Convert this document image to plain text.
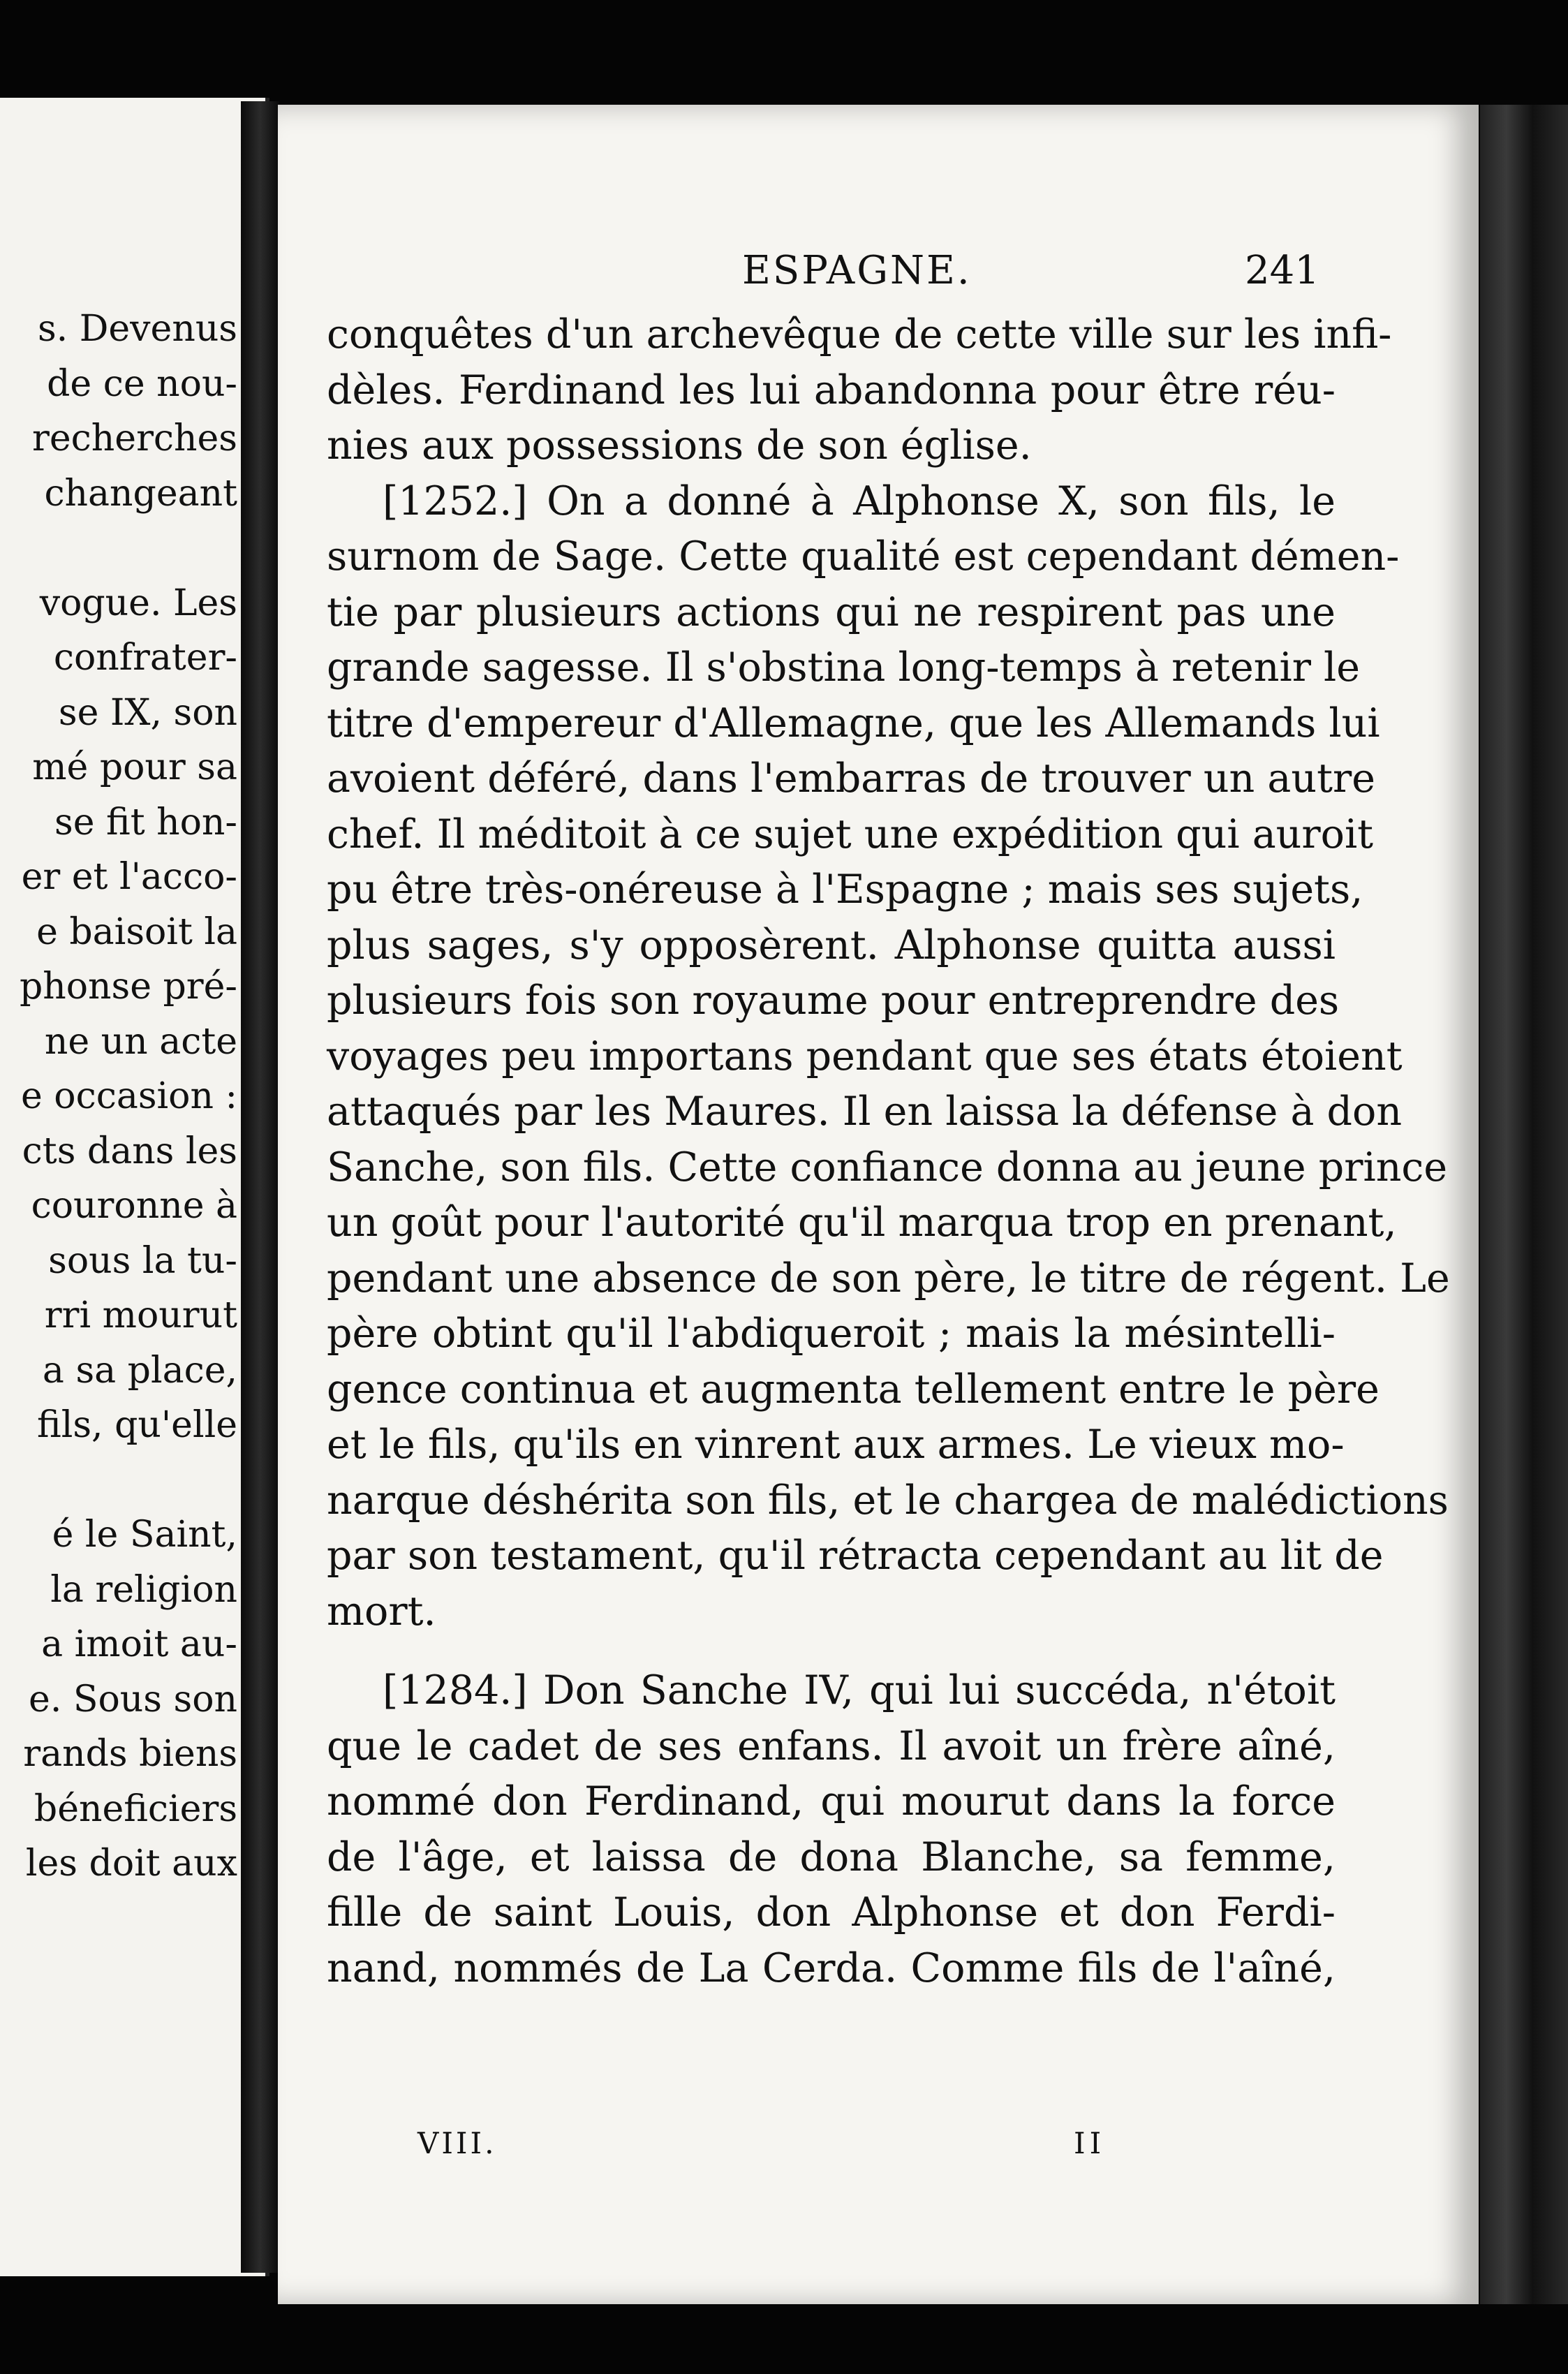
s. Devenus
de ce nou-
recherches
changeant
vogue. Les
confrater-
se IX, son
mé pour sa
se fit hon-
er et l'acco-
e baisoit la
phonse pré-
ne un acte
e occasion :
cts dans les
couronne à
sous la tu-
rri mourut
a sa place,
fils, qu'elle
é le Saint,
la religion
a imoit au-
e. Sous son
rands biens
béneficiers
les doit aux
ESPAGNE.	241
conquêtes d'un archevêque de cette ville sur les infi-
dèles. Ferdinand les lui abandonna pour être réu-
nies aux possessions de son église.
[1252.] On a donné à Alphonse X, son fils, le
surnom de Sage. Cette qualité est cependant démen-
tie par plusieurs actions qui ne respirent pas une
grande sagesse. Il s'obstina long-temps à retenir le
titre d'empereur d'Allemagne, que les Allemands lui
avoient déféré, dans l'embarras de trouver un autre
chef. Il méditoit à ce sujet une expédition qui auroit
pu être très-onéreuse à l'Espagne ; mais ses sujets,
plus sages, s'y opposèrent. Alphonse quitta aussi
plusieurs fois son royaume pour entreprendre des
voyages peu importans pendant que ses états étoient
attaqués par les Maures. Il en laissa la défense à don
Sanche, son fils. Cette confiance donna au jeune prince
un goût pour l'autorité qu'il marqua trop en prenant,
pendant une absence de son père, le titre de régent. Le
père obtint qu'il l'abdiqueroit ; mais la mésintelli-
gence continua et augmenta tellement entre le père
et le fils, qu'ils en vinrent aux armes. Le vieux mo-
narque déshérita son fils, et le chargea de malédictions
par son testament, qu'il rétracta cependant au lit de
mort.
[1284.] Don Sanche IV, qui lui succéda, n'étoit
que le cadet de ses enfans. Il avoit un frère aîné,
nommé don Ferdinand, qui mourut dans la force
de l'âge, et laissa de dona Blanche, sa femme,
fille de saint Louis, don Alphonse et don Ferdi-
nand, nommés de La Cerda. Comme fils de l'aîné,
VIII.	II
